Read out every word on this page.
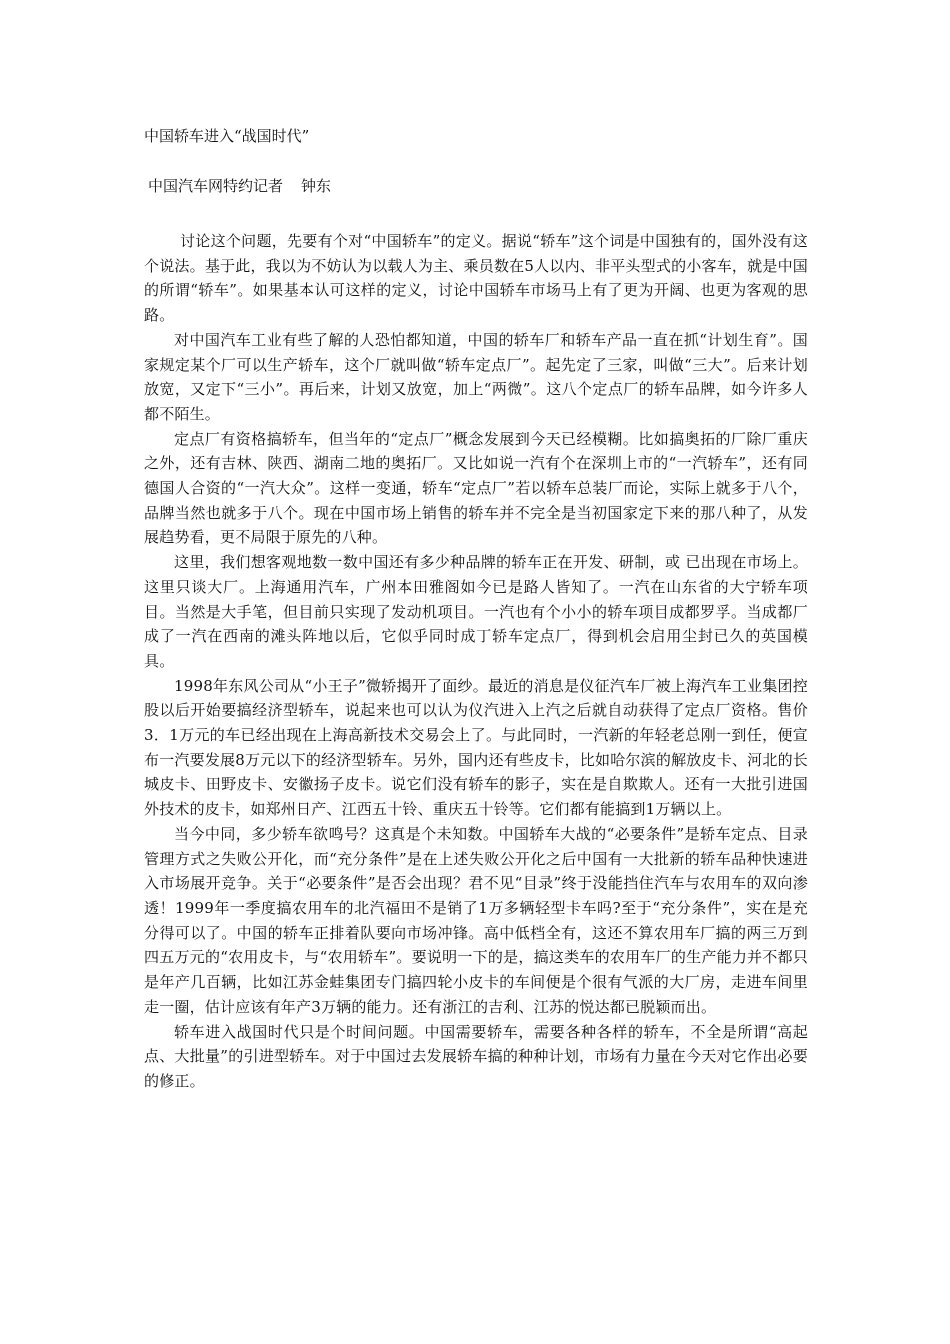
中国轿车进入“战国时代”
中国汽车网特约记者 钟东

讨论这个问题，先要有个对“中国轿车”的定义。据说“轿车”这个词是中国独有的，国外没有这个说法。基于此，我以为不妨认为以载人为主、乘员数在5人以内、非平头型式的小客车，就是中国的所谓“轿车”。如果基本认可这样的定义，讨论中国轿车市场马上有了更为开阔、也更为客观的思路。

对中国汽车工业有些了解的人恐怕都知道，中国的轿车厂和轿车产品一直在抓“计划生育”。国家规定某个厂可以生产轿车，这个厂就叫做“轿车定点厂”。起先定了三家，叫做“三大”。后来计划放宽，又定下“三小”。再后来，计划又放宽，加上“两微”。这八个定点厂的轿车品牌，如今许多人都不陌生。

定点厂有资格搞轿车，但当年的“定点厂”概念发展到今天已经模糊。比如搞奥拓的厂除厂重庆之外，还有吉林、陕西、湖南二地的奥拓厂。又比如说一汽有个在深圳上市的“一汽轿车”，还有同德国人合资的“一汽大众”。这样一变通，轿车“定点厂”若以轿车总装厂而论，实际上就多于八个，品牌当然也就多于八个。现在中国市场上销售的轿车并不完全是当初国家定下来的那八种了，从发展趋势看，更不局限于原先的八种。

这里，我们想客观地数一数中国还有多少种品牌的轿车正在开发、研制，或 已出现在市场上。这里只谈大厂。上海通用汽车，广州本田雅阁如今已是路人皆知了。一汽在山东省的大宁轿车项目。当然是大手笔，但目前只实现了发动机项目。一汽也有个小小的轿车项目成都罗孚。当成都厂成了一汽在西南的滩头阵地以后，它似乎同时成丁轿车定点厂，得到机会启用尘封已久的英国模具。

1998年东风公司从“小王子”微轿揭开了面纱。最近的消息是仪征汽车厂被上海汽车工业集团控股以后开始要搞经济型轿车，说起来也可以认为仪汽进入上汽之后就自动获得了定点厂资格。售价3．1万元的车已经出现在上海高新技术交易会上了。与此同时，一汽新的年轻老总刚一到任，便宣布一汽要发展8万元以下的经济型轿车。另外，国内还有些皮卡，比如哈尔滨的解放皮卡、河北的长城皮卡、田野皮卡、安徽扬子皮卡。说它们没有轿车的影子，实在是自欺欺人。还有一大批引进国外技术的皮卡，如郑州日产、江西五十铃、重庆五十铃等。它们都有能搞到1万辆以上。

当今中同，多少轿车欲鸣号？这真是个未知数。中国轿车大战的“必要条件”是轿车定点、目录管理方式之失败公开化，而“充分条件”是在上述失败公开化之后中国有一大批新的轿车品种快速进入市场展开竞争。关于“必要条件”是否会出现？君不见“目录”终于没能挡住汽车与农用车的双向渗透！1999年一季度搞农用车的北汽福田不是销了1万多辆轻型卡车吗?至于“充分条件”，实在是充分得可以了。中国的轿车正排着队要向市场冲锋。高中低档全有，这还不算农用车厂搞的两三万到四五万元的“农用皮卡，与“农用轿车”。要说明一下的是，搞这类车的农用车厂的生产能力并不都只是年产几百辆，比如江苏金蛙集团专门搞四轮小皮卡的车间便是个很有气派的大厂房，走进车间里走一圈，估计应该有年产3万辆的能力。还有浙江的吉利、江苏的悦达都已脱颖而出。

轿车进入战国时代只是个时间问题。中国需要轿车，需要各种各样的轿车，不全是所谓“高起点、大批量”的引进型轿车。对于中国过去发展轿车搞的种种计划，市场有力量在今天对它作出必要的修正。
